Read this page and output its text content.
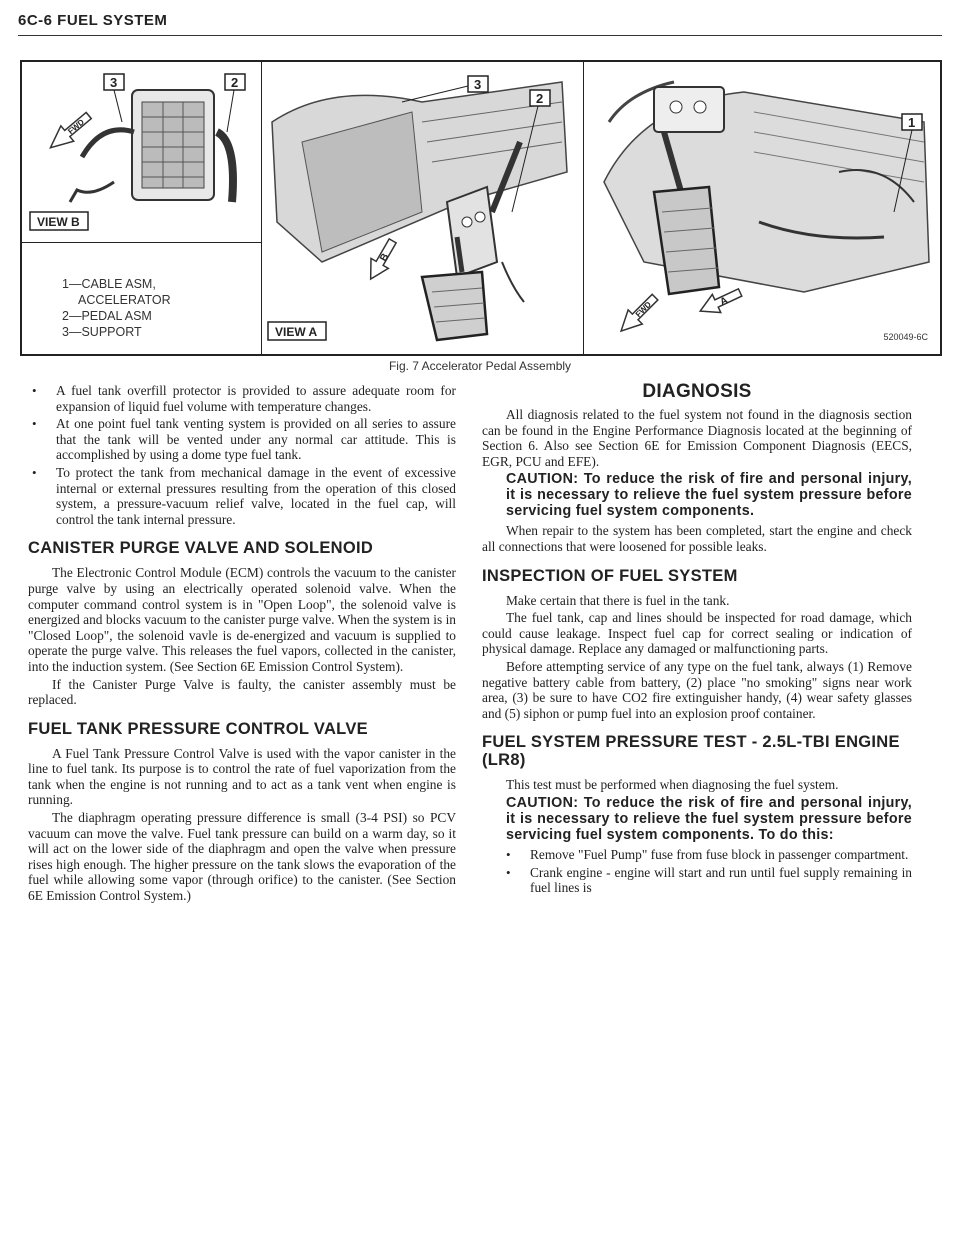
6C-6 FUEL SYSTEM
FWD
3	2
VIEW B
1—CABLE ASM,
ACCELERATOR
2—PEDAL ASM
3—SUPPORT
B
3
2
VIEW A
FWD	A
1
520049-6C
Fig. 7 Accelerator Pedal Assembly
• A fuel tank overfill protector is provided to assure adequate room for expansion of liquid fuel volume with temperature changes.
• At one point fuel tank venting system is provided on all series to assure that the tank will be vented under any normal car attitude. This is accomplished by using a dome type fuel tank.
• To protect the tank from mechanical damage in the event of excessive internal or external pressures resulting from the operation of this closed system, a pressure-vacuum relief valve, located in the fuel cap, will control the tank internal pressure.
CANISTER PURGE VALVE AND SOLENOID

The Electronic Control Module (ECM) controls the vacuum to the canister purge valve by using an electrically operated solenoid valve. When the computer command control system is in "Open Loop", the solenoid valve is energized and blocks vacuum to the canister purge valve. When the system is in "Closed Loop", the solenoid vavle is de-energized and vacuum is supplied to operate the purge valve. This releases the fuel vapors, collected in the canister, into the induction system. (See Section 6E Emission Control System).

If the Canister Purge Valve is faulty, the canister assembly must be replaced.

FUEL TANK PRESSURE CONTROL VALVE

A Fuel Tank Pressure Control Valve is used with the vapor canister in the line to fuel tank. Its purpose is to control the rate of fuel vaporization from the tank when the engine is not running and to act as a tank vent when engine is running.

The diaphragm operating pressure difference is small (3-4 PSI) so PCV vacuum can move the valve. Fuel tank pressure can build on a warm day, so it will act on the lower side of the diaphragm and open the valve when pressure rises high enough. The higher pressure on the tank slows the evaporation of the fuel while allowing some vapor (through orifice) to the canister. (See Section 6E Emission Control System.)

DIAGNOSIS

All diagnosis related to the fuel system not found in the diagnosis section can be found in the Engine Performance Diagnosis located at the beginning of Section 6. Also see Section 6E for Emission Component Diagnosis (EECS, EGR, PCU and EFE).

CAUTION: To reduce the risk of fire and personal injury, it is necessary to relieve the fuel system pressure before servicing fuel system components.

When repair to the system has been completed, start the engine and check all connections that were loosened for possible leaks.

INSPECTION OF FUEL SYSTEM

Make certain that there is fuel in the tank.

The fuel tank, cap and lines should be inspected for road damage, which could cause leakage. Inspect fuel cap for correct sealing or indication of physical damage. Replace any damaged or malfunctioning parts.

Before attempting service of any type on the fuel tank, always (1) Remove negative battery cable from battery, (2) place "no smoking" signs near work area, (3) be sure to have CO2 fire extinguisher handy, (4) wear safety glasses and (5) siphon or pump fuel into an explosion proof container.

FUEL SYSTEM PRESSURE TEST - 2.5L-TBI ENGINE (LR8)

This test must be performed when diagnosing the fuel system.

CAUTION: To reduce the risk of fire and personal injury, it is necessary to relieve the fuel system pressure before servicing fuel system components. To do this:
• Remove "Fuel Pump" fuse from fuse block in passenger compartment.
• Crank engine - engine will start and run until fuel supply remaining in fuel lines is
